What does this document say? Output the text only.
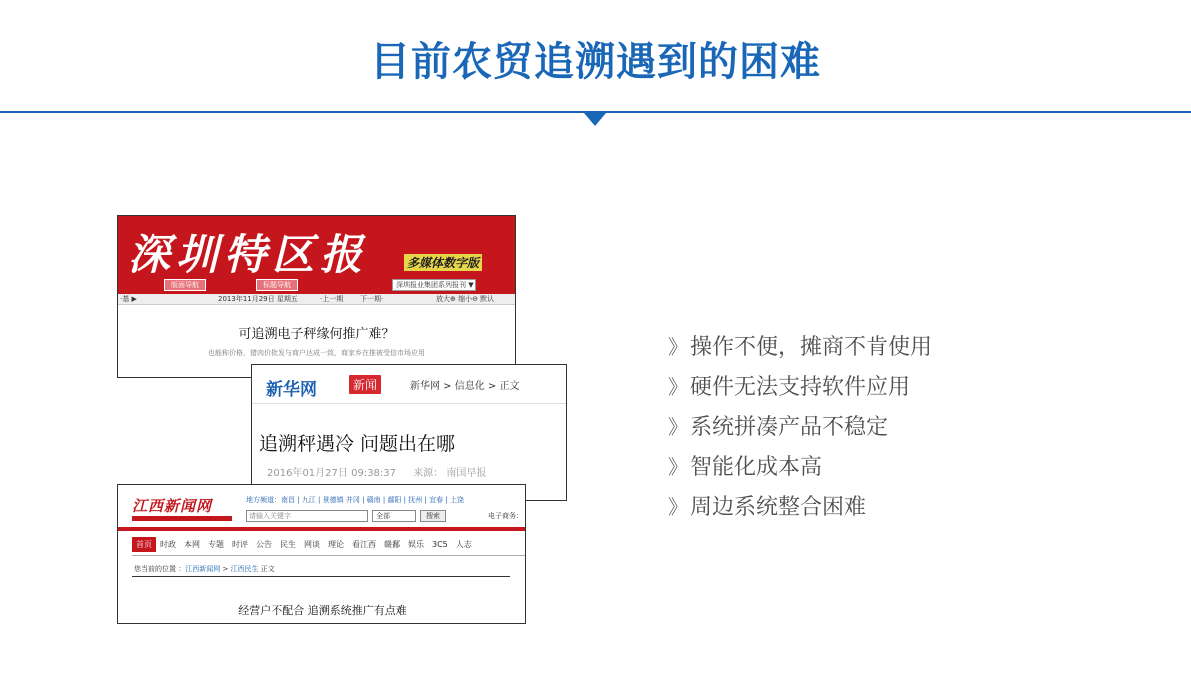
目前农贸追溯遇到的困难
深圳特区报	多媒体数字版
版面导航	标题导航	深圳报业集团系列报刊 ▼
·基 ▶	2013年11月29日 星期五	·上一期 下一期·	放大⊕ 缩小⊖ 默认
可追溯电子秤缘何推广难？
也能称价格，猪肉价批发与商户达成一致，商家乡在推被受信市场应用
新华网	新闻	新华网 > 信息化 > 正文
追溯秤遇冷 问题出在哪
2016年01月27日 09:38:37 来源： 南国早报
江西新闻网	地方频道：南昌 | 九江 | 景德镇 井冈 | 赣南 | 鄱阳 | 抚州 | 宜春 | 上饶
请输入关键字	全部	搜索	电子商务：
首页 时政 本网 专题 时评 公告 民生 网谈 理论 看江西 赣鄱 娱乐 3C5 人志
您当前的位置 ：江西新闻网 > 江西民生 正文
经营户不配合 追溯系统推广有点难
》 操作不便，摊商不肯使用
》 硬件无法支持软件应用
》 系统拼凑产品不稳定
》 智能化成本高
》 周边系统整合困难
